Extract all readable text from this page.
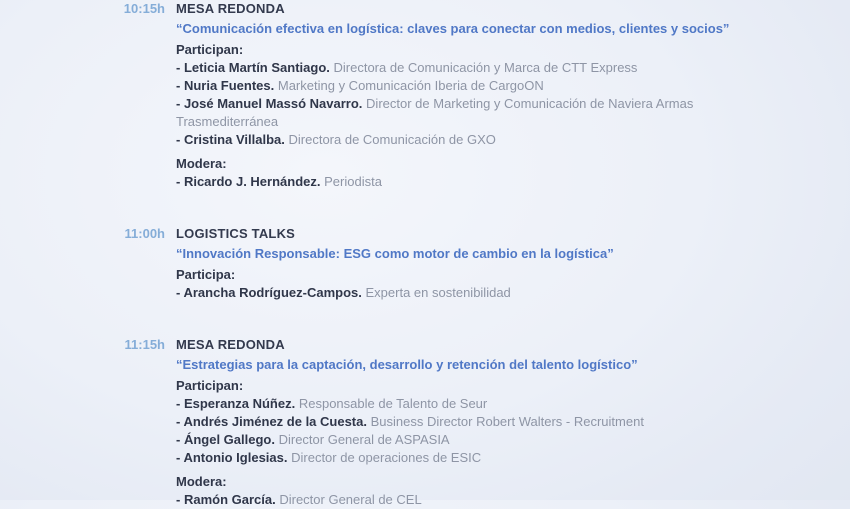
10:15h MESA REDONDA
“Comunicación efectiva en logística: claves para conectar con medios, clientes y socios”
Participan:
- Leticia Martín Santiago. Directora de Comunicación y Marca de CTT Express
- Nuria Fuentes. Marketing y Comunicación Iberia de CargoON
- José Manuel Massó Navarro. Director de Marketing y Comunicación de Naviera Armas Trasmediterránea
- Cristina Villalba. Directora de Comunicación de GXO
Modera:
- Ricardo J. Hernández. Periodista
11:00h LOGISTICS TALKS
“Innovación Responsable: ESG como motor de cambio en la logística”
Participa:
- Arancha Rodríguez-Campos. Experta en sostenibilidad
11:15h MESA REDONDA
“Estrategias para la captación, desarrollo y retención del talento logístico”
Participan:
- Esperanza Núñez. Responsable de Talento de Seur
- Andrés Jiménez de la Cuesta. Business Director Robert Walters - Recruitment
- Ángel Gallego. Director General de ASPASIA
- Antonio Iglesias. Director de operaciones de ESIC
Modera:
- Ramón García. Director General de CEL
